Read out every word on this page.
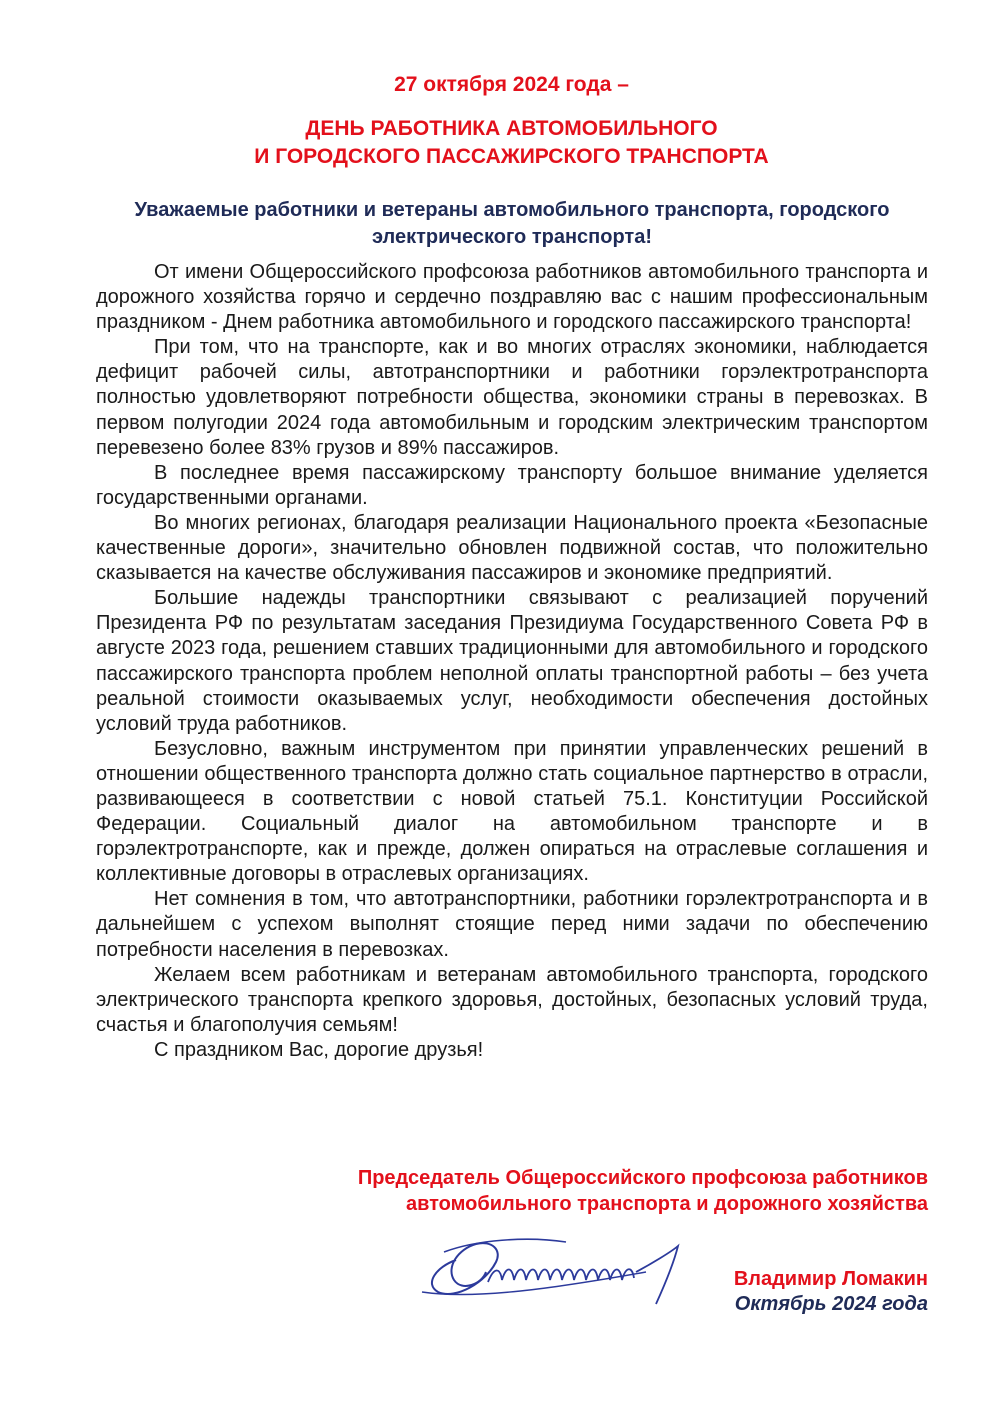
27 октября 2024 года –
ДЕНЬ РАБОТНИКА АВТОМОБИЛЬНОГО
И ГОРОДСКОГО ПАССАЖИРСКОГО ТРАНСПОРТА
Уважаемые работники и ветераны автомобильного транспорта, городского
электрического транспорта!

От имени Общероссийского профсоюза работников автомобильного транспорта и дорожного хозяйства горячо и сердечно поздравляю вас с нашим профессиональным праздником - Днем работника автомобильного и городского пассажирского транспорта!

При том, что на транспорте, как и во многих отраслях экономики, наблюдается дефицит рабочей силы, автотранспортники и работники горэлектротранспорта полностью удовлетворяют потребности общества, экономики страны в перевозках. В первом полугодии 2024 года автомобильным и городским электрическим транспортом перевезено более 83% грузов и 89% пассажиров.

В последнее время пассажирскому транспорту большое внимание уделяется государственными органами.

Во многих регионах, благодаря реализации Национального проекта «Безопасные качественные дороги», значительно обновлен подвижной состав, что положительно сказывается на качестве обслуживания пассажиров и экономике предприятий.

Большие надежды транспортники связывают с реализацией поручений Президента РФ по результатам заседания Президиума Государственного Совета РФ в августе 2023 года, решением ставших традиционными для автомобильного и городского пассажирского транспорта проблем неполной оплаты транспортной работы – без учета реальной стоимости оказываемых услуг, необходимости обеспечения достойных условий труда работников.

Безусловно, важным инструментом при принятии управленческих решений в отношении общественного транспорта должно стать социальное партнерство в отрасли, развивающееся в соответствии с новой статьей 75.1. Конституции Российской Федерации. Социальный диалог на автомобильном транспорте и в горэлектротранспорте, как и прежде, должен опираться на отраслевые соглашения и коллективные договоры в отраслевых организациях.

Нет сомнения в том, что автотранспортники, работники горэлектротранспорта и в дальнейшем с успехом выполнят стоящие перед ними задачи по обеспечению потребности населения в перевозках.

Желаем всем работникам и ветеранам автомобильного транспорта, городского электрического транспорта крепкого здоровья, достойных, безопасных условий труда, счастья и благополучия семьям!

С праздником Вас, дорогие друзья!

Председатель Общероссийского профсоюза работников
автомобильного транспорта и дорожного хозяйства
Владимир Ломакин
Октябрь 2024 года
